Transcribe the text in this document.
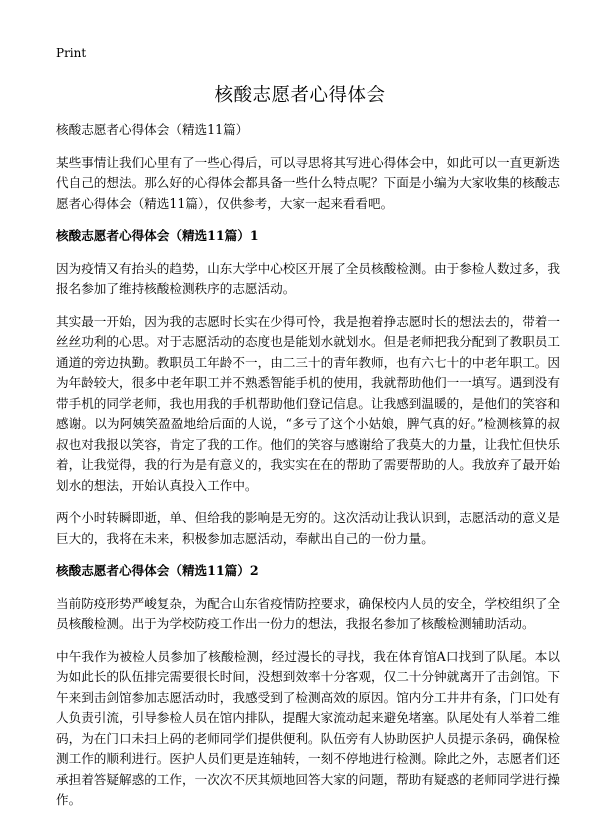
Print
核酸志愿者心得体会

核酸志愿者心得体会（精选11篇）

某些事情让我们心里有了一些心得后，可以寻思将其写进心得体会中，如此可以一直更新迭代自己的想法。那么好的心得体会都具备一些什么特点呢？下面是小编为大家收集的核酸志愿者心得体会（精选11篇），仅供参考，大家一起来看看吧。

核酸志愿者心得体会（精选11篇）1

因为疫情又有抬头的趋势，山东大学中心校区开展了全员核酸检测。由于参检人数过多，我报名参加了维持核酸检测秩序的志愿活动。

其实最一开始，因为我的志愿时长实在少得可怜，我是抱着挣志愿时长的想法去的，带着一丝丝功利的心思。对于志愿活动的态度也是能划水就划水。但是老师把我分配到了教职员工通道的旁边执勤。教职员工年龄不一，由二三十的青年教师，也有六七十的中老年职工。因为年龄较大，很多中老年职工并不熟悉智能手机的使用，我就帮助他们一一填写。遇到没有带手机的同学老师，我也用我的手机帮助他们登记信息。让我感到温暖的，是他们的笑容和感谢。以为阿姨笑盈盈地给后面的人说，“多亏了这个小姑娘，脾气真的好。”检测核算的叔叔也对我报以笑容，肯定了我的工作。他们的笑容与感谢给了我莫大的力量，让我忙但快乐着，让我觉得，我的行为是有意义的，我实实在在的帮助了需要帮助的人。我放弃了最开始划水的想法，开始认真投入工作中。

两个小时转瞬即逝，单、但给我的影响是无穷的。这次活动让我认识到，志愿活动的意义是巨大的，我将在未来，积极参加志愿活动，奉献出自己的一份力量。

核酸志愿者心得体会（精选11篇）2

当前防疫形势严峻复杂，为配合山东省疫情防控要求，确保校内人员的安全，学校组织了全员核酸检测。出于为学校防疫工作出一份力的想法，我报名参加了核酸检测辅助活动。

中午我作为被检人员参加了核酸检测，经过漫长的寻找，我在体育馆A口找到了队尾。本以为如此长的队伍排完需要很长时间，没想到效率十分客观，仅二十分钟就离开了击剑馆。下午来到击剑馆参加志愿活动时，我感受到了检测高效的原因。馆内分工井井有条，门口处有人负责引流，引导参检人员在馆内排队，提醒大家流动起来避免堵塞。队尾处有人举着二维码，为在门口未扫上码的老师同学们提供便利。队伍旁有人协助医护人员提示条码，确保检测工作的顺利进行。医护人员们更是连轴转，一刻不停地进行检测。除此之外，志愿者们还承担着答疑解惑的工作，一次次不厌其烦地回答大家的问题，帮助有疑惑的老师同学进行操作。
